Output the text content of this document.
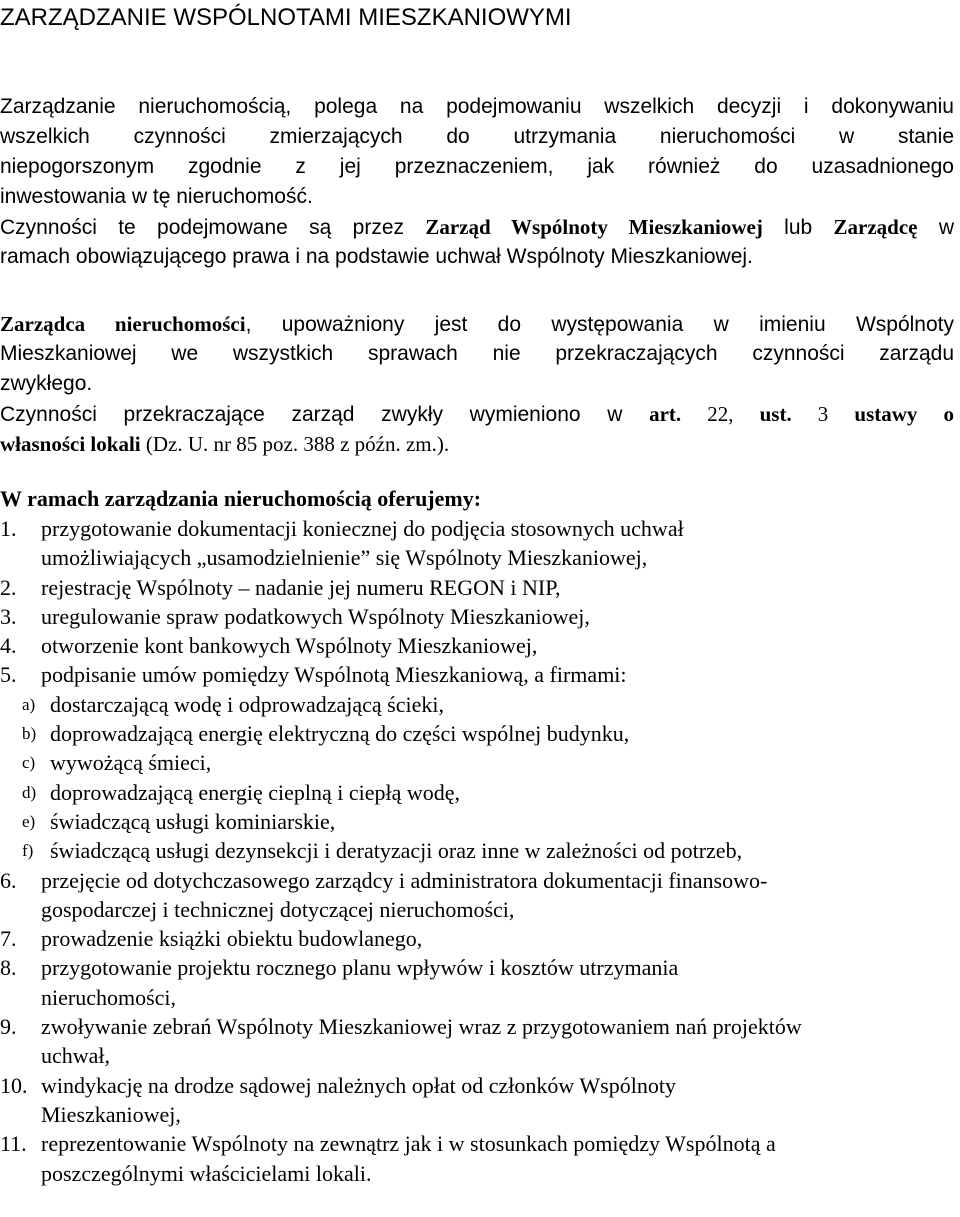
ZARZĄDZANIE WSPÓLNOTAMI MIESZKANIOWYMI
Zarządzanie nieruchomością, polega na podejmowaniu wszelkich decyzji i dokonywaniu
wszelkich czynności zmierzających do utrzymania nieruchomości w stanie
niepogorszonym zgodnie z jej przeznaczeniem, jak również do uzasadnionego
inwestowania w tę nieruchomość.
Czynności te podejmowane są przez Zarząd Wspólnoty Mieszkaniowej lub Zarządcę w
ramach obowiązującego prawa i na podstawie uchwał Wspólnoty Mieszkaniowej.
Zarządca nieruchomości, upoważniony jest do występowania w imieniu Wspólnoty
Mieszkaniowej we wszystkich sprawach nie przekraczających czynności zarządu
zwykłego.
Czynności przekraczające zarząd zwykły wymieniono w art. 22, ust. 3 ustawy o
własności lokali (Dz. U. nr 85 poz. 388 z późn. zm.).
W ramach zarządzania nieruchomością oferujemy:
1. przygotowanie dokumentacji koniecznej do podjęcia stosownych uchwał
umożliwiających „usamodzielnienie” się Wspólnoty Mieszkaniowej,
2. rejestrację Wspólnoty – nadanie jej numeru REGON i NIP,
3. uregulowanie spraw podatkowych Wspólnoty Mieszkaniowej,
4. otworzenie kont bankowych Wspólnoty Mieszkaniowej,
5. podpisanie umów pomiędzy Wspólnotą Mieszkaniową, a firmami:
a) dostarczającą wodę i odprowadzającą ścieki,
b) doprowadzającą energię elektryczną do części wspólnej budynku,
c) wywożącą śmieci,
d) doprowadzającą energię cieplną i ciepłą wodę,
e) świadczącą usługi kominiarskie,
f) świadczącą usługi dezynsekcji i deratyzacji oraz inne w zależności od potrzeb,
6. przejęcie od dotychczasowego zarządcy i administratora dokumentacji finansowo-
gospodarczej i technicznej dotyczącej nieruchomości,
7. prowadzenie książki obiektu budowlanego,
8. przygotowanie projektu rocznego planu wpływów i kosztów utrzymania
nieruchomości,
9. zwoływanie zebrań Wspólnoty Mieszkaniowej wraz z przygotowaniem nań projektów
uchwał,
10. windykację na drodze sądowej należnych opłat od członków Wspólnoty
Mieszkaniowej,
11. reprezentowanie Wspólnoty na zewnątrz jak i w stosunkach pomiędzy Wspólnotą a
poszczególnymi właścicielami lokali.
